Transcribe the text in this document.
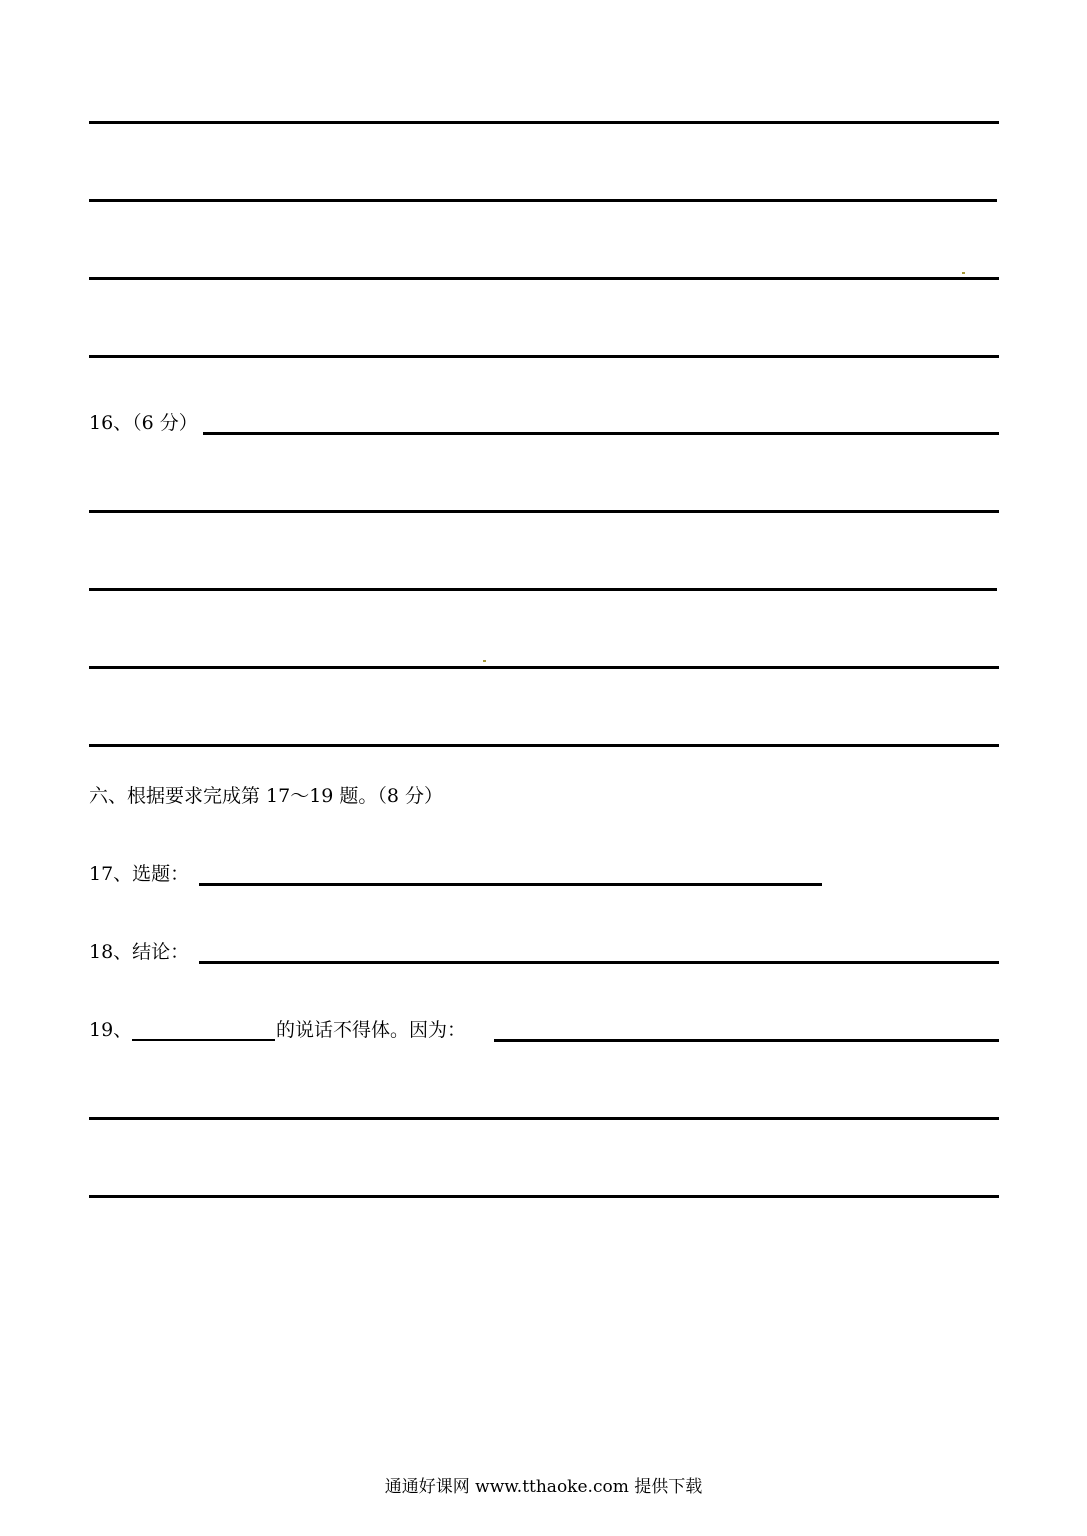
16、（6 分）
六、根据要求完成第 17～19 题。（8 分）
17、选题：
18、结论：
19、	的说话不得体。因为：
通通好课网 www.tthaoke.com 提供下载
